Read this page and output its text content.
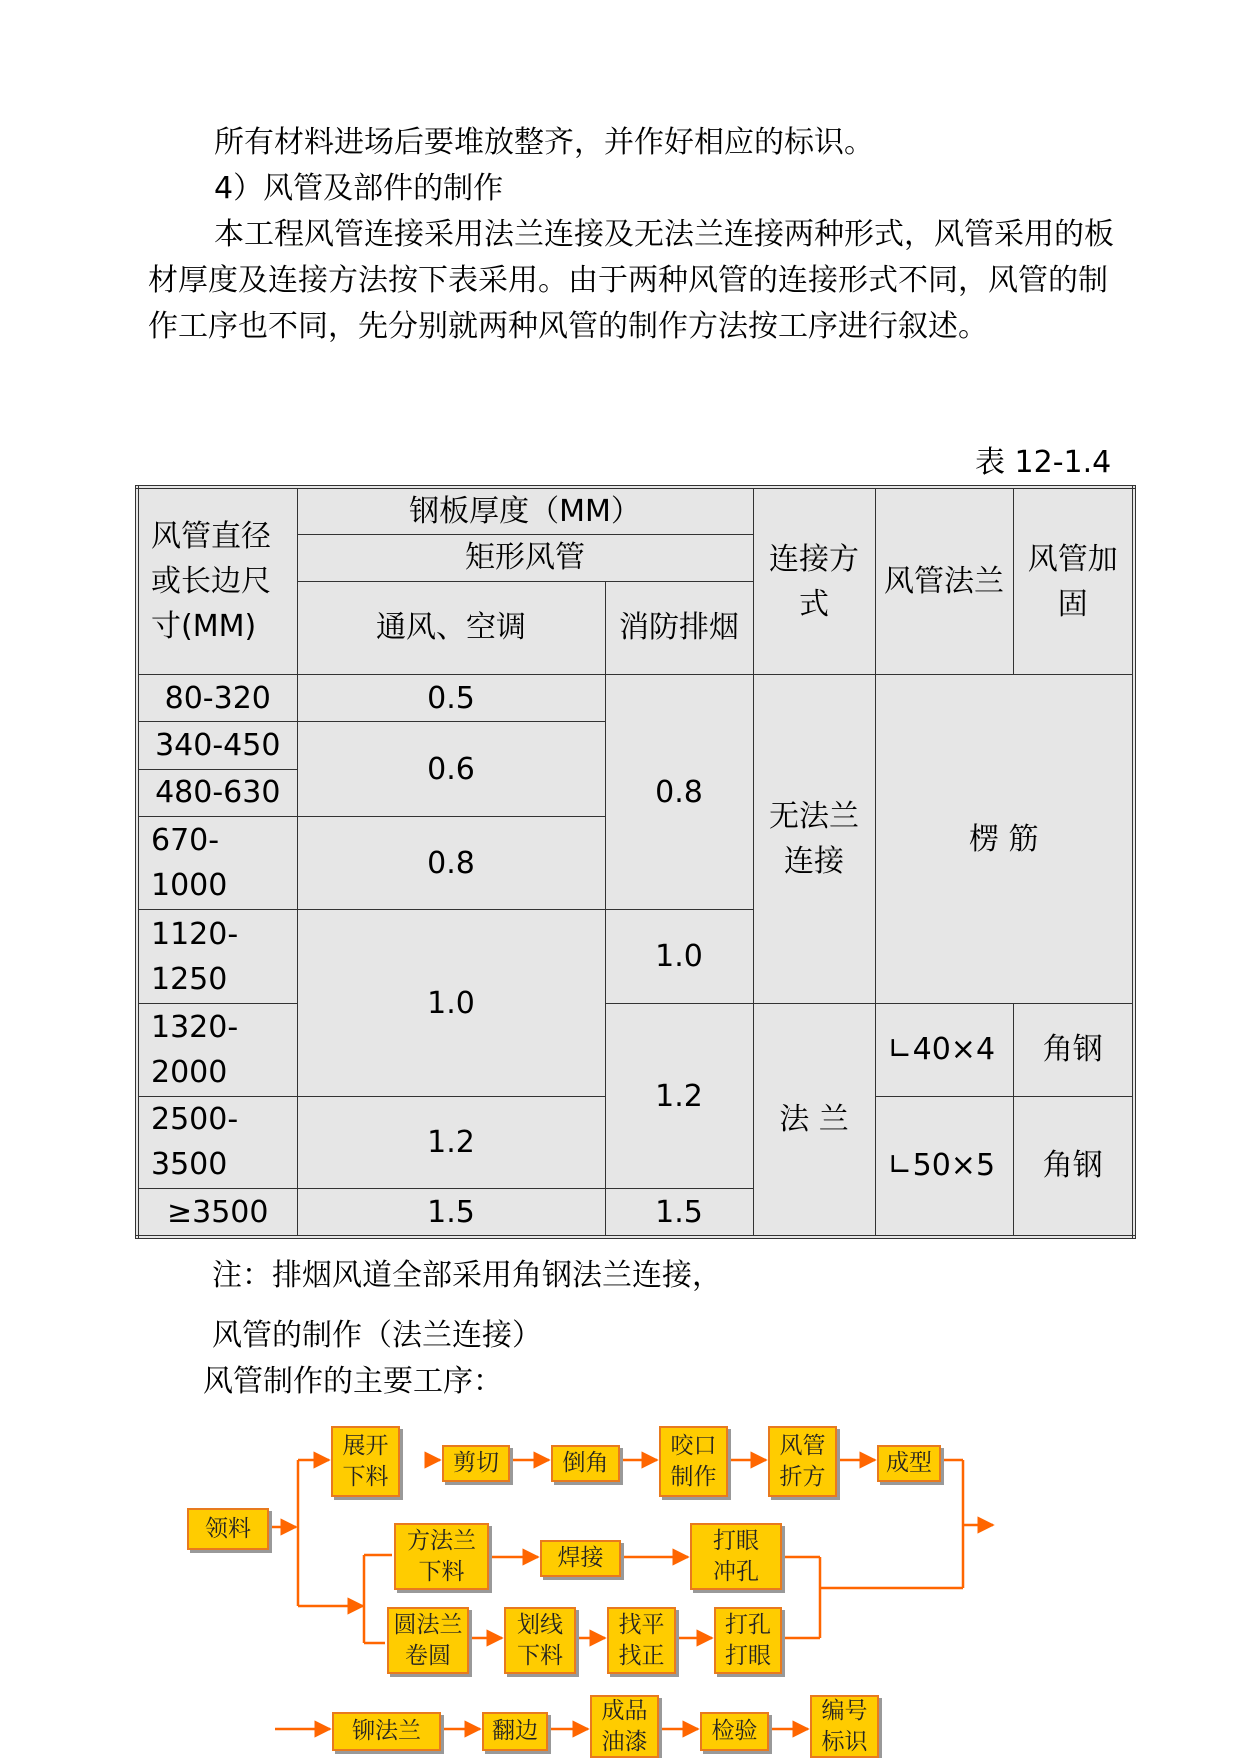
所有材料进场后要堆放整齐，并作好相应的标识。

4）风管及部件的制作

本工程风管连接采用法兰连接及无法兰连接两种形式，风管采用的板材厚度及连接方法按下表采用。由于两种风管的连接形式不同，风管的制作工序也不同，先分别就两种风管的制作方法按工序进行叙述。

表 12-1.4
风管直径或长边尺寸(MM)	钢板厚度（MM）		连接方式	风管法兰	风管加固
	矩形风管				
	通风、空调	消防排烟			
80-320	0.5	0.8	无法兰连接	楞 筋	
340-450	0.6				
480-630					
670-1000	0.8				

1120-1250	1.0	1.0			

1320-2000		1.2	法 兰	∟40×4	角钢

2500-3500	1.2			∟50×5	角钢

≥3500	1.5	1.5			
注：排烟风道全部采用角钢法兰连接，
风管的制作（法兰连接）
风管制作的主要工序：
领料
展开
下料
剪切	倒角
咬口
制作
风管
折方
成型
方法兰
下料
焊接
打眼
冲孔
圆法兰
卷圆
划线
下料
找平
找正
打孔
打眼
铆法兰	翻边
成品
油漆	检验
编号
标识
